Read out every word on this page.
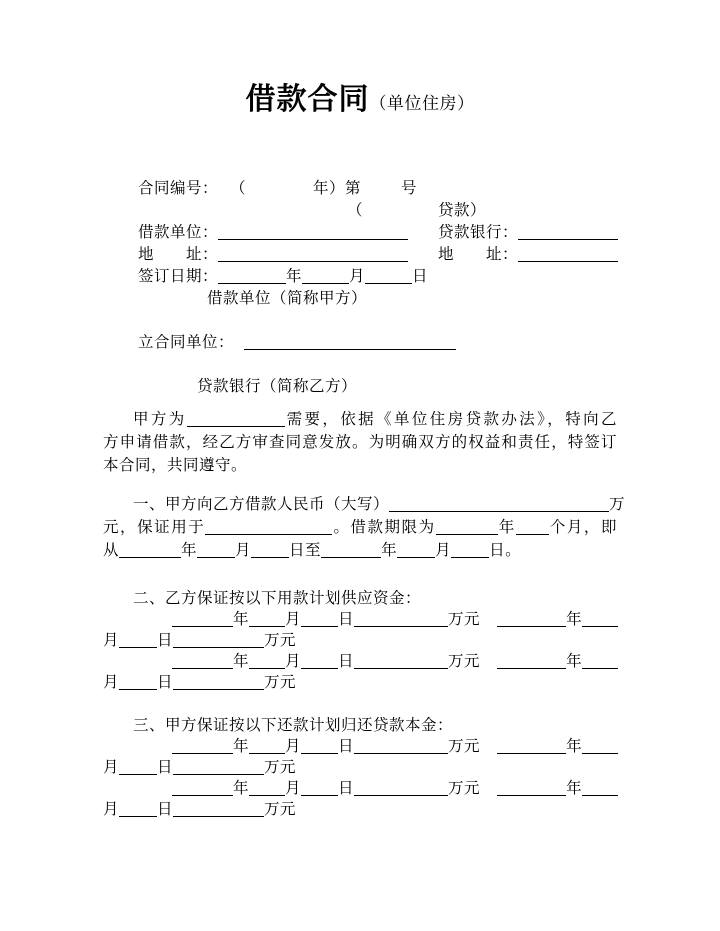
借款合同（单位住房）
合同编号： （	年）第	号
（	贷款）
借款单位：	贷款银行：
地　　址：	地　　址：
签订日期：	年	月	日
借款单位（简称甲方）
立合同单位：
贷款银行（简称乙方）
甲方为	需要，依据《单位住房贷款办法》，特向乙
方申请借款，经乙方审查同意发放。为明确双方的权益和责任，特签订
本合同，共同遵守。
一、甲方向乙方借款人民币（大写）	万
元，保证用于	。借款期限为	年 个月，即
从	年 月 日至	年 月 日。
二、乙方保证按以下用款计划供应资金：
年 月 日	万元	年
月 日	万元
年 月 日	万元	年
月 日	万元
三、甲方保证按以下还款计划归还贷款本金：
年 月 日	万元	年
月 日	万元
年 月 日	万元	年
月 日	万元
